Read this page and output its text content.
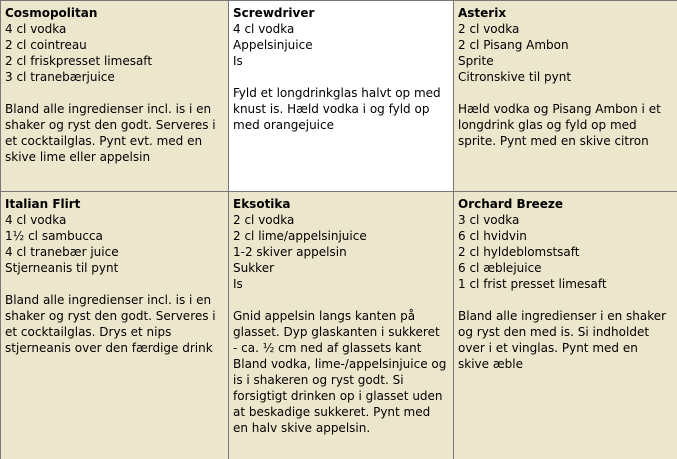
Cosmopolitan
4 cl vodka
2 cl cointreau
2 cl friskpresset limesaft
3 cl tranebærjuice
Bland alle ingredienser incl. is i en shaker og ryst den godt. Serveres i et cocktailglas. Pynt evt. med en skive lime eller appelsin
Screwdriver
4 cl vodka
Appelsinjuice
Is
Fyld et longdrinkglas halvt op med knust is. Hæld vodka i og fyld op med orangejuice
Asterix
2 cl vodka
2 cl Pisang Ambon
Sprite
Citronskive til pynt
Hæld vodka og Pisang Ambon i et longdrink glas og fyld op med sprite. Pynt med en skive citron
Italian Flirt
4 cl vodka
1½ cl sambucca
4 cl tranebær juice
Stjerneanis til pynt
Bland alle ingredienser incl. is i en shaker og ryst den godt. Serveres i et cocktailglas. Drys et nips stjerneanis over den færdige drink
Eksotika
2 cl vodka
2 cl lime/appelsinjuice
1-2 skiver appelsin
Sukker
Is
Gnid appelsin langs kanten på glasset. Dyp glaskanten i sukkeret - ca. ½ cm ned af glassets kant Bland vodka, lime-/appelsinjuice og is i shakeren og ryst godt. Si forsigtigt drinken op i glasset uden at beskadige sukkeret. Pynt med en halv skive appelsin.
Orchard Breeze
3 cl vodka
6 cl hvidvin
2 cl hyldeblomstsaft
6 cl æblejuice
1 cl frist presset limesaft
Bland alle ingredienser i en shaker og ryst den med is. Si indholdet over i et vinglas. Pynt med en skive æble
